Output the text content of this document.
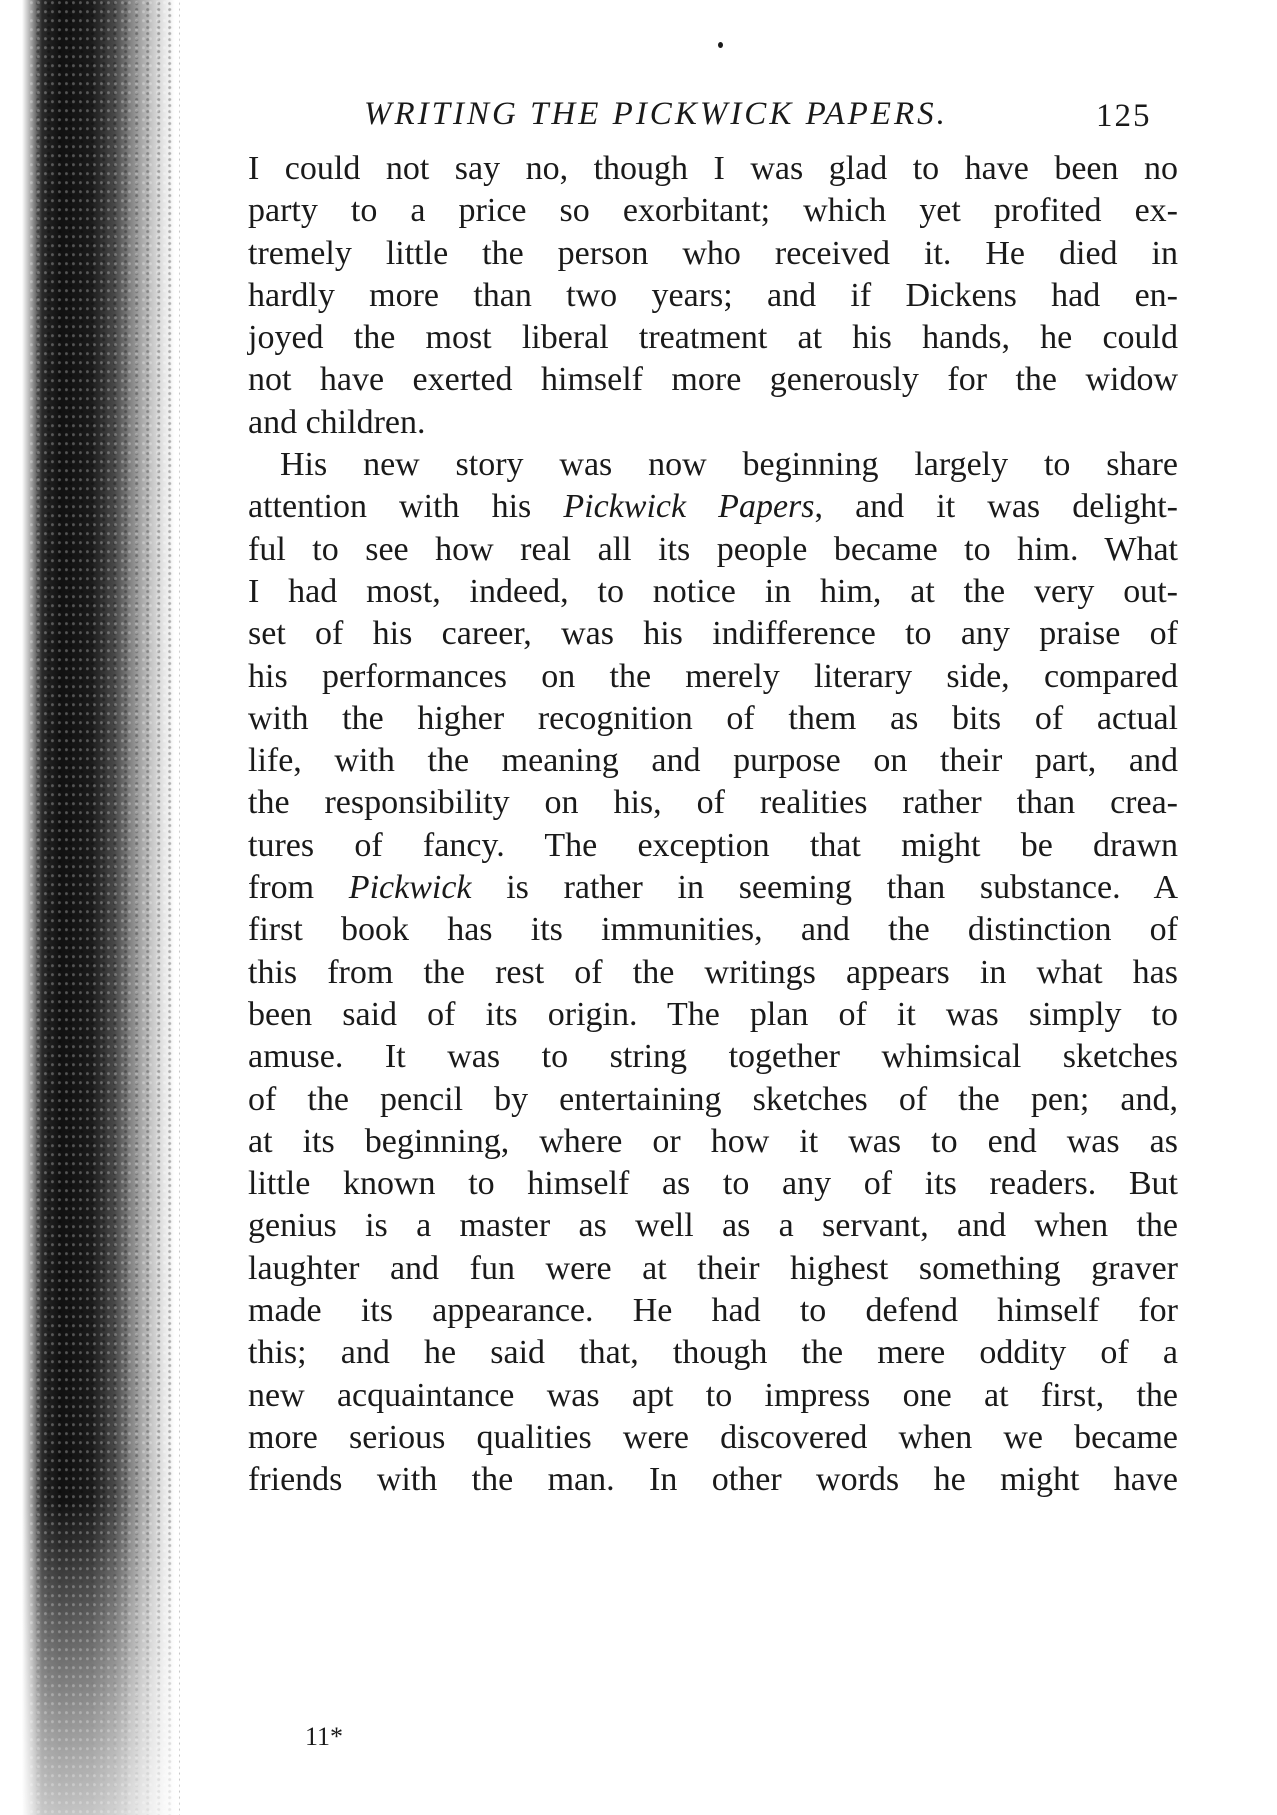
WRITING THE PICKWICK PAPERS.	125
I could not say no, though I was glad to have been no
party to a price so exorbitant; which yet profited ex-
tremely little the person who received it. He died in
hardly more than two years; and if Dickens had en-
joyed the most liberal treatment at his hands, he could
not have exerted himself more generously for the widow
and children.
His new story was now beginning largely to share
attention with his Pickwick Papers, and it was delight-
ful to see how real all its people became to him. What
I had most, indeed, to notice in him, at the very out-
set of his career, was his indifference to any praise of
his performances on the merely literary side, compared
with the higher recognition of them as bits of actual
life, with the meaning and purpose on their part, and
the responsibility on his, of realities rather than crea-
tures of fancy. The exception that might be drawn
from Pickwick is rather in seeming than substance. A
first book has its immunities, and the distinction of
this from the rest of the writings appears in what has
been said of its origin. The plan of it was simply to
amuse. It was to string together whimsical sketches
of the pencil by entertaining sketches of the pen; and,
at its beginning, where or how it was to end was as
little known to himself as to any of its readers. But
genius is a master as well as a servant, and when the
laughter and fun were at their highest something graver
made its appearance. He had to defend himself for
this; and he said that, though the mere oddity of a
new acquaintance was apt to impress one at first, the
more serious qualities were discovered when we became
friends with the man. In other words he might have
11*
